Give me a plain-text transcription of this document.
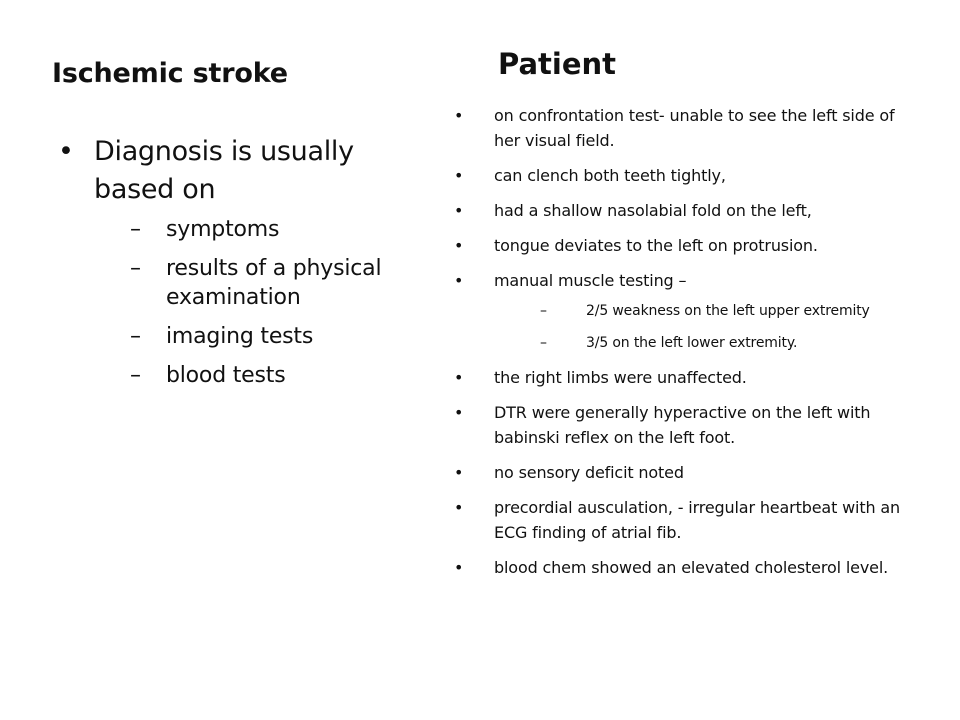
Ischemic stroke	Patient
• Diagnosis is usually based on
– symptoms
– results of a physical examination
– imaging tests
– blood tests
• on confrontation test- unable to see the left side of her visual field.
• can clench both teeth tightly,
• had a shallow nasolabial fold on the left,
• tongue deviates to the left on protrusion.
• manual muscle testing –
–	2/5 weakness on the left upper extremity
–	3/5 on the left lower extremity.
• the right limbs were unaffected.
• DTR were generally hyperactive on the left with babinski reflex on the left foot.
• no sensory deficit noted
• precordial ausculation, - irregular heartbeat with an ECG finding of atrial fib.
• blood chem showed an elevated cholesterol level.
